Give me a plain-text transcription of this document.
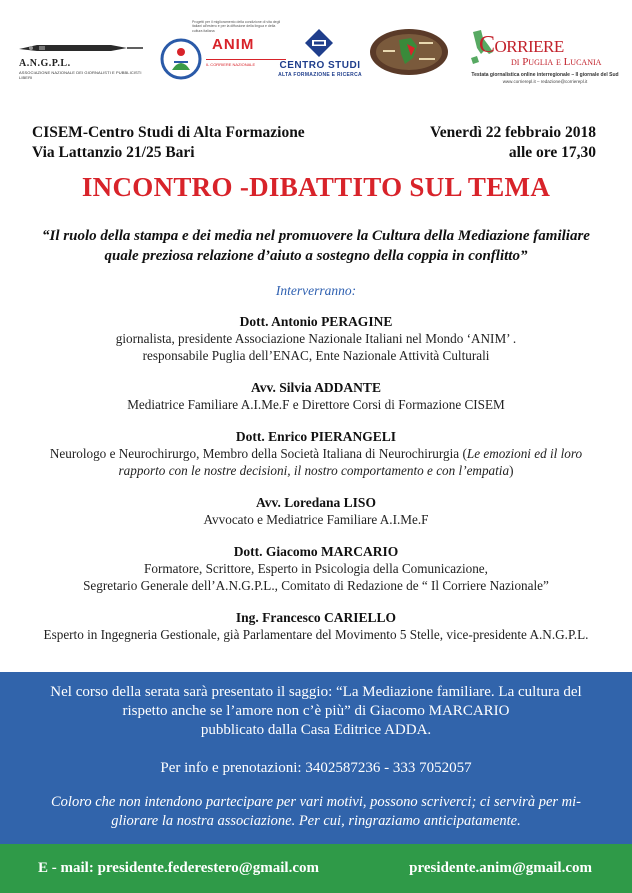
A.N.G.P.L.
ASSOCIAZIONE NAZIONALE DEI GIORNALISTI E PUBBLICISTI LIBERI
Progetti per il miglioramento della condizione di vita degli italiani all'estero e per la diffusione della lingua e della cultura italiana
ANIM
IL CORRIERE NAZIONALE	CENTRO STUDI
ALTA FORMAZIONE E RICERCA
Corriere
di Puglia e Lucania
Testata giornalistica online interregionale – Il giornale del Sud
www.corrierepl.it – redazione@corrierepl.it
CISEM-Centro Studi di Alta Formazione
Via Lattanzio 21/25 Bari
Venerdì 22 febbraio 2018
alle ore 17,30
INCONTRO -DIBATTITO SUL TEMA
“Il ruolo della stampa e dei media nel promuovere la Cultura della Mediazione familiare
quale preziosa relazione d’aiuto a sostegno della coppia in conflitto”
Interverranno:
Dott. Antonio PERAGINE
giornalista, presidente Associazione Nazionale Italiani nel Mondo ‘ANIM’ .
responsabile Puglia dell’ENAC, Ente Nazionale Attività Culturali
Avv. Silvia ADDANTE
Mediatrice Familiare A.I.Me.F e Direttore Corsi di Formazione CISEM
Dott. Enrico PIERANGELI
Neurologo e Neurochirurgo, Membro della Società Italiana di Neurochirurgia (Le emozioni ed il loro
rapporto con le nostre decisioni, il nostro comportamento e con l’empatia)
Avv. Loredana LISO
Avvocato e Mediatrice Familiare A.I.Me.F
Dott. Giacomo MARCARIO
Formatore, Scrittore, Esperto in Psicologia della Comunicazione,
Segretario Generale dell’A.N.G.P.L., Comitato di Redazione de “ Il Corriere Nazionale”
Ing. Francesco CARIELLO
Esperto in Ingegneria Gestionale, già Parlamentare del Movimento 5 Stelle, vice-presidente A.N.G.P.L.
Nel corso della serata sarà presentato il saggio: “La Mediazione familiare. La cultura del
rispetto anche se l’amore non c’è più” di Giacomo MARCARIO
pubblicato dalla Casa Editrice ADDA.
Per info e prenotazioni: 3402587236 - 333 7052057
Coloro che non intendono partecipare per vari motivi, possono scriverci; ci servirà per mi-
gliorare la nostra associazione. Per cui, ringraziamo anticipatamente.
E - mail: presidente.federestero@gmail.com	presidente.anim@gmail.com
